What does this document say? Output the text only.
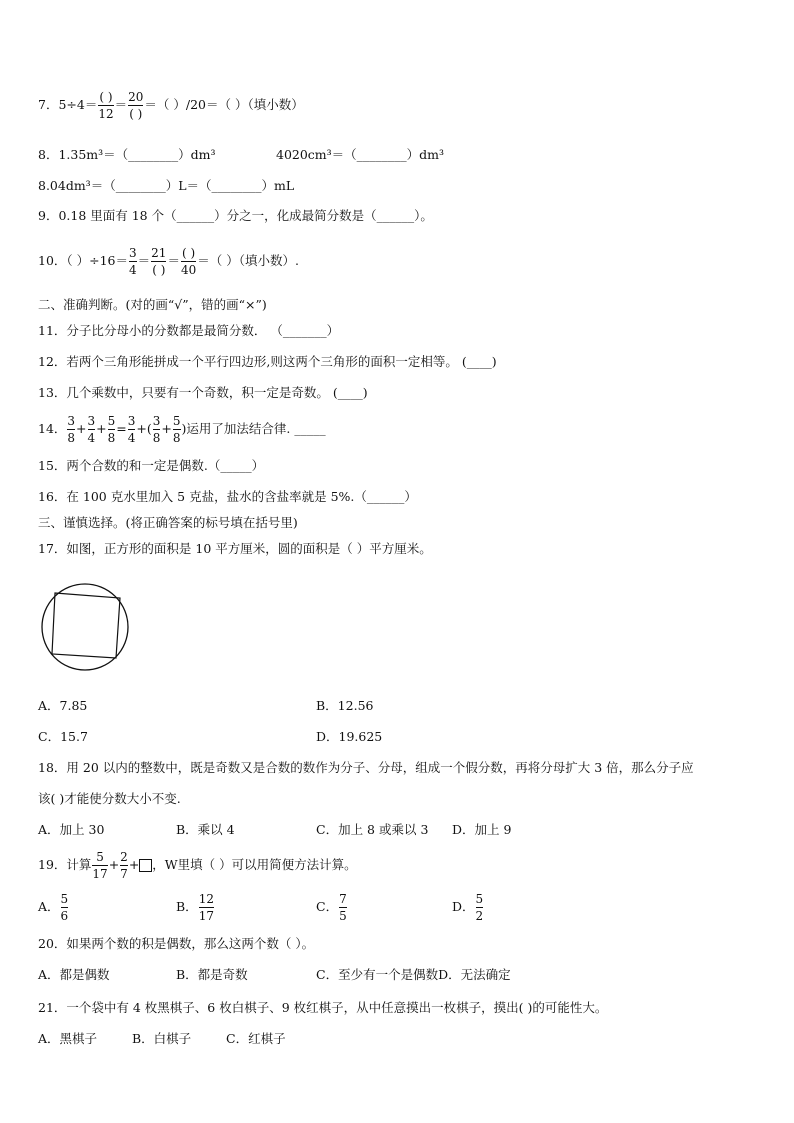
7．$5\div 4= \frac{( )}{12} = \frac{20}{( )}$ ＝（ ）/20＝（ ）（填小数）
8．1.35m³＝（________）dm³	4020cm³＝（________）dm³
8.04dm³＝（________）L＝（________）mL
9．0.18 里面有 18 个（______）分之一，化成最简分数是（______）。
10．（ ）$\div 16= \frac{3}{4} = \frac{21}{( )} = \frac{( )}{40}$ ＝（ ）（填小数）.
二、准确判断。(对的画“√”，错的画“×”)
11．分子比分母小的分数都是最简分数． （_______）
12．若两个三角形能拼成一个平行四边形,则这两个三角形的面积一定相等。 (____)
13．几个乘数中，只要有一个奇数，积一定是奇数。 (____)
14． $\frac{3}{8} + \frac{3}{4} + \frac{5}{8} = \frac{3}{4}$ +( $\frac{3}{8} + \frac{5}{8}$ )运用了加法结合律. _____
15．两个合数的和一定是偶数.（_____）
16．在 100 克水里加入 5 克盐，盐水的含盐率就是 5%.（______）
三、谨慎选择。(将正确答案的标号填在括号里)
17．如图，正方形的面积是 10 平方厘米，圆的面积是（ ）平方厘米。
A．7.85	B．12.56
C．15.7	D．19.625
18．用 20 以内的整数中，既是奇数又是合数的数作为分子、分母，组成一个假分数，再将分母扩大 3 倍，那么分子应
该( )才能使分数大小不变.
A．加上 30	B．乘以 4	C．加上 8 或乘以 3 D．加上 9
19．计算 $\frac{5}{17} + \frac{2}{7}$ + ，W里填（ ）可以用简便方法计算。
A． $\frac{5}{6}$	B． $\frac{12}{17}$	C． $\frac{7}{5}$	D． $\frac{5}{2}$
20．如果两个数的积是偶数，那么这两个数（ ）。
A．都是偶数	B．都是奇数	C．至少有一个是偶数D．无法确定
21．一个袋中有 4 枚黑棋子、6 枚白棋子、9 枚红棋子，从中任意摸出一枚棋子，摸出( )的可能性大。
A．黑棋子	B．白棋子	C．红棋子
